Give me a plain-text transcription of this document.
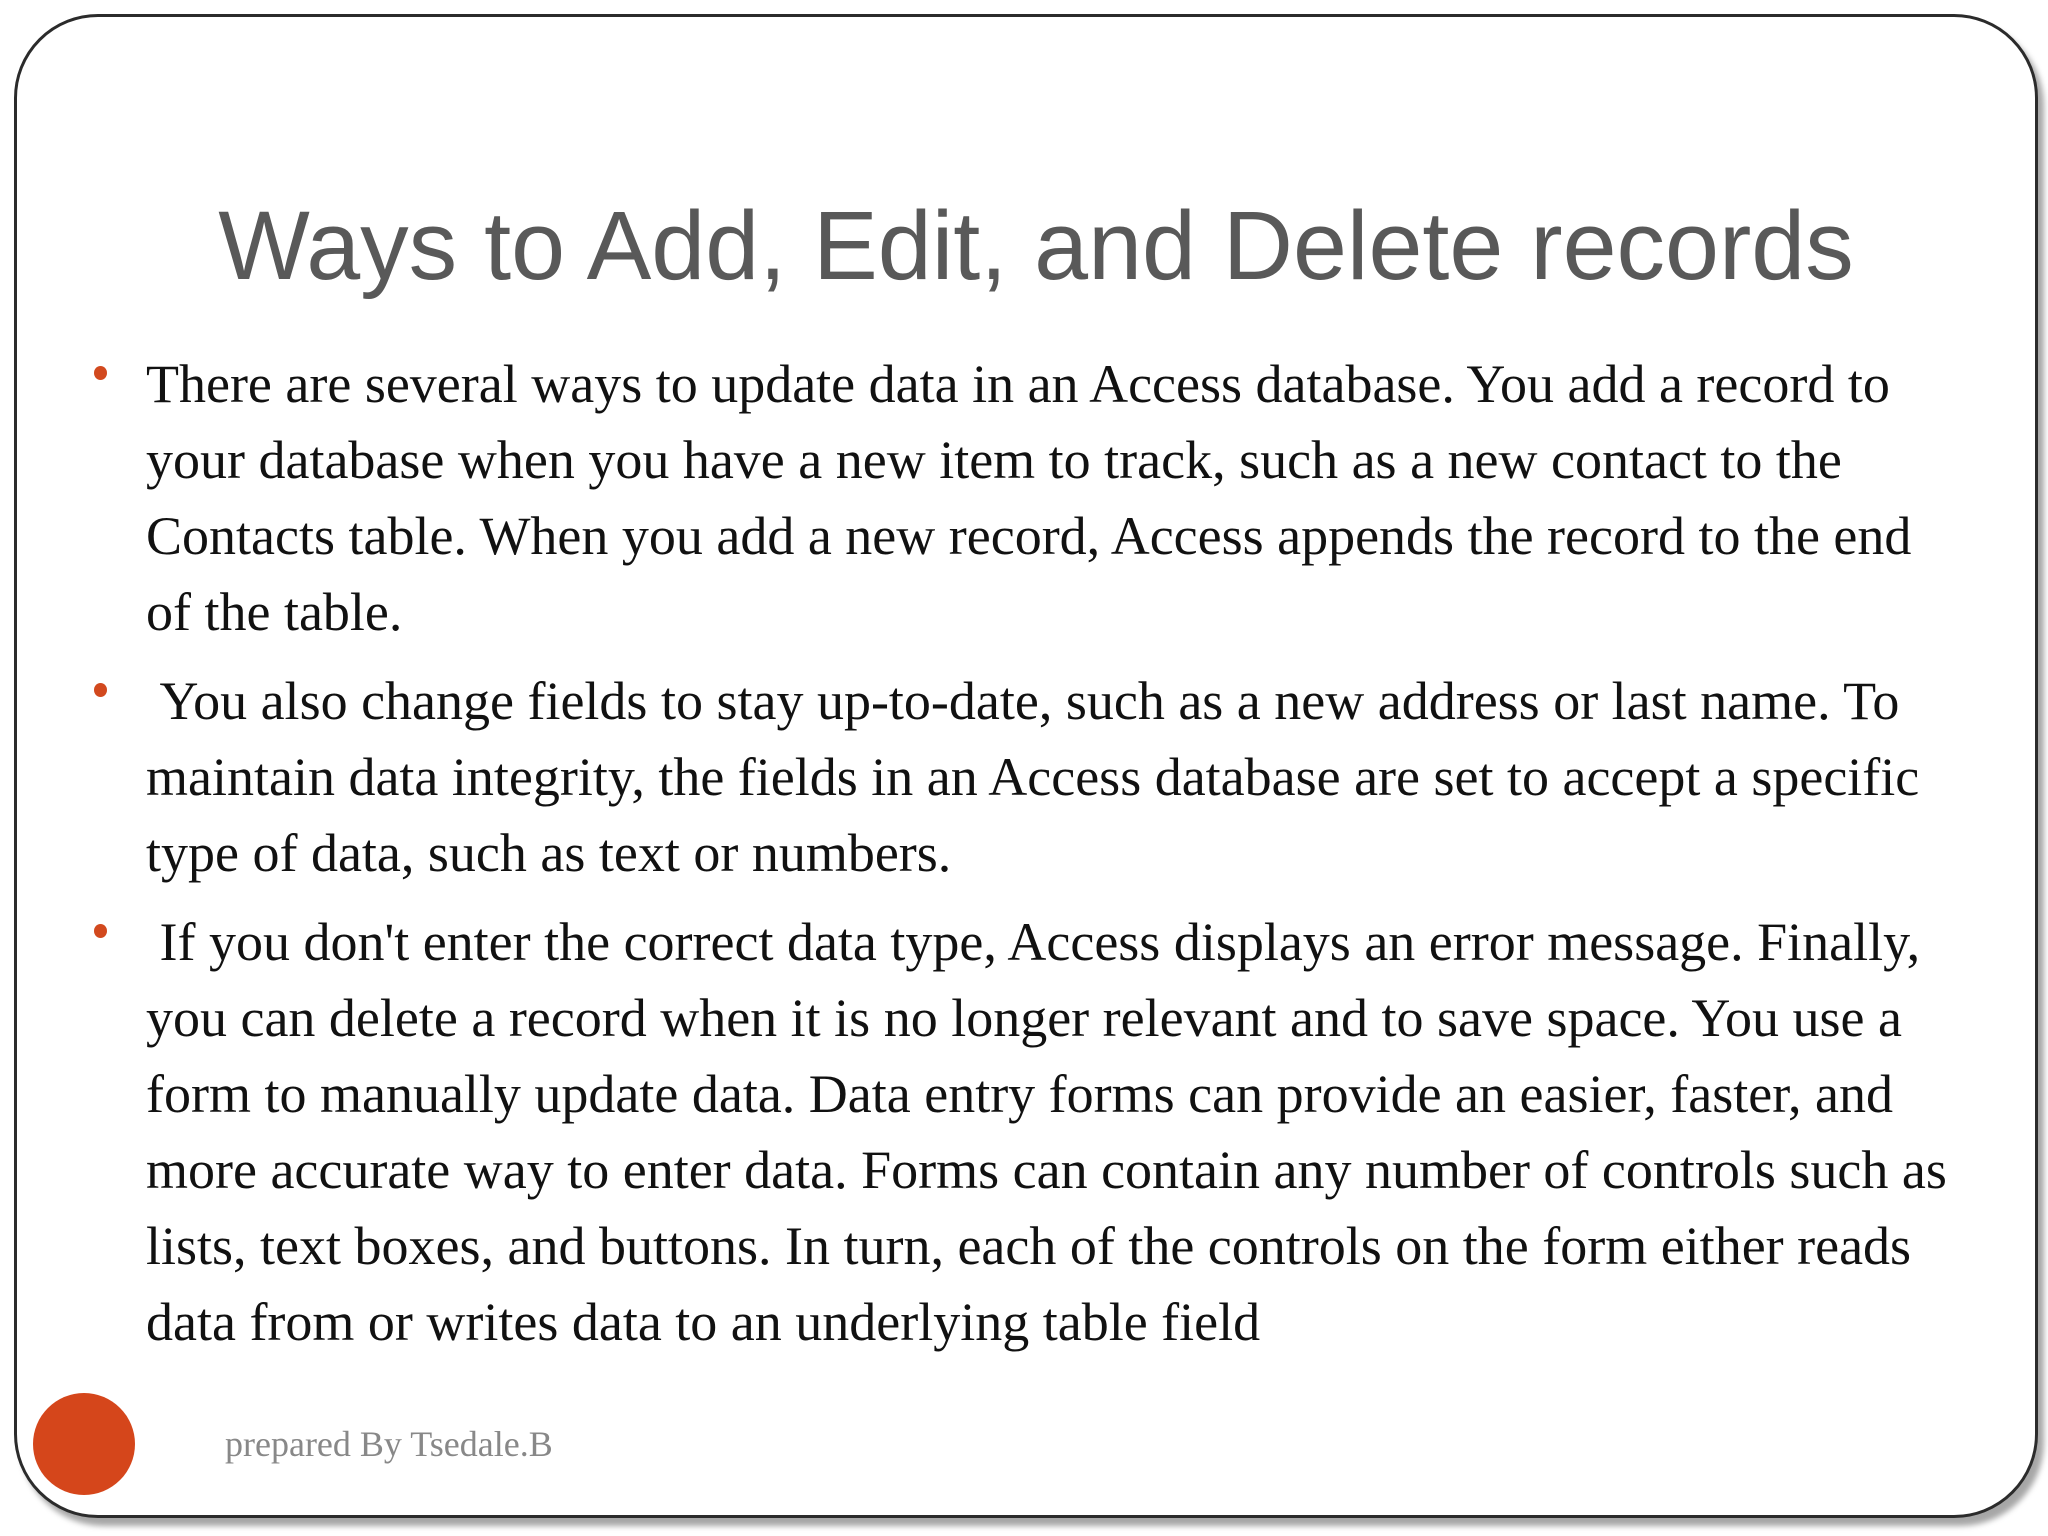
Ways to Add, Edit, and Delete records
There are several ways to update data in an Access database. You add a record to your database when you have a new item to track, such as a new contact to the Contacts table. When you add a new record, Access appends the record to the end of the table.
You also change fields to stay up-to-date, such as a new address or last name. To maintain data integrity, the fields in an Access database are set to accept a specific type of data, such as text or numbers.
If you don't enter the correct data type, Access displays an error message. Finally, you can delete a record when it is no longer relevant and to save space. You use a form to manually update data. Data entry forms can provide an easier, faster, and more accurate way to enter data. Forms can contain any number of controls such as lists, text boxes, and buttons. In turn, each of the controls on the form either reads data from or writes data to an underlying table field
prepared By Tsedale.B
